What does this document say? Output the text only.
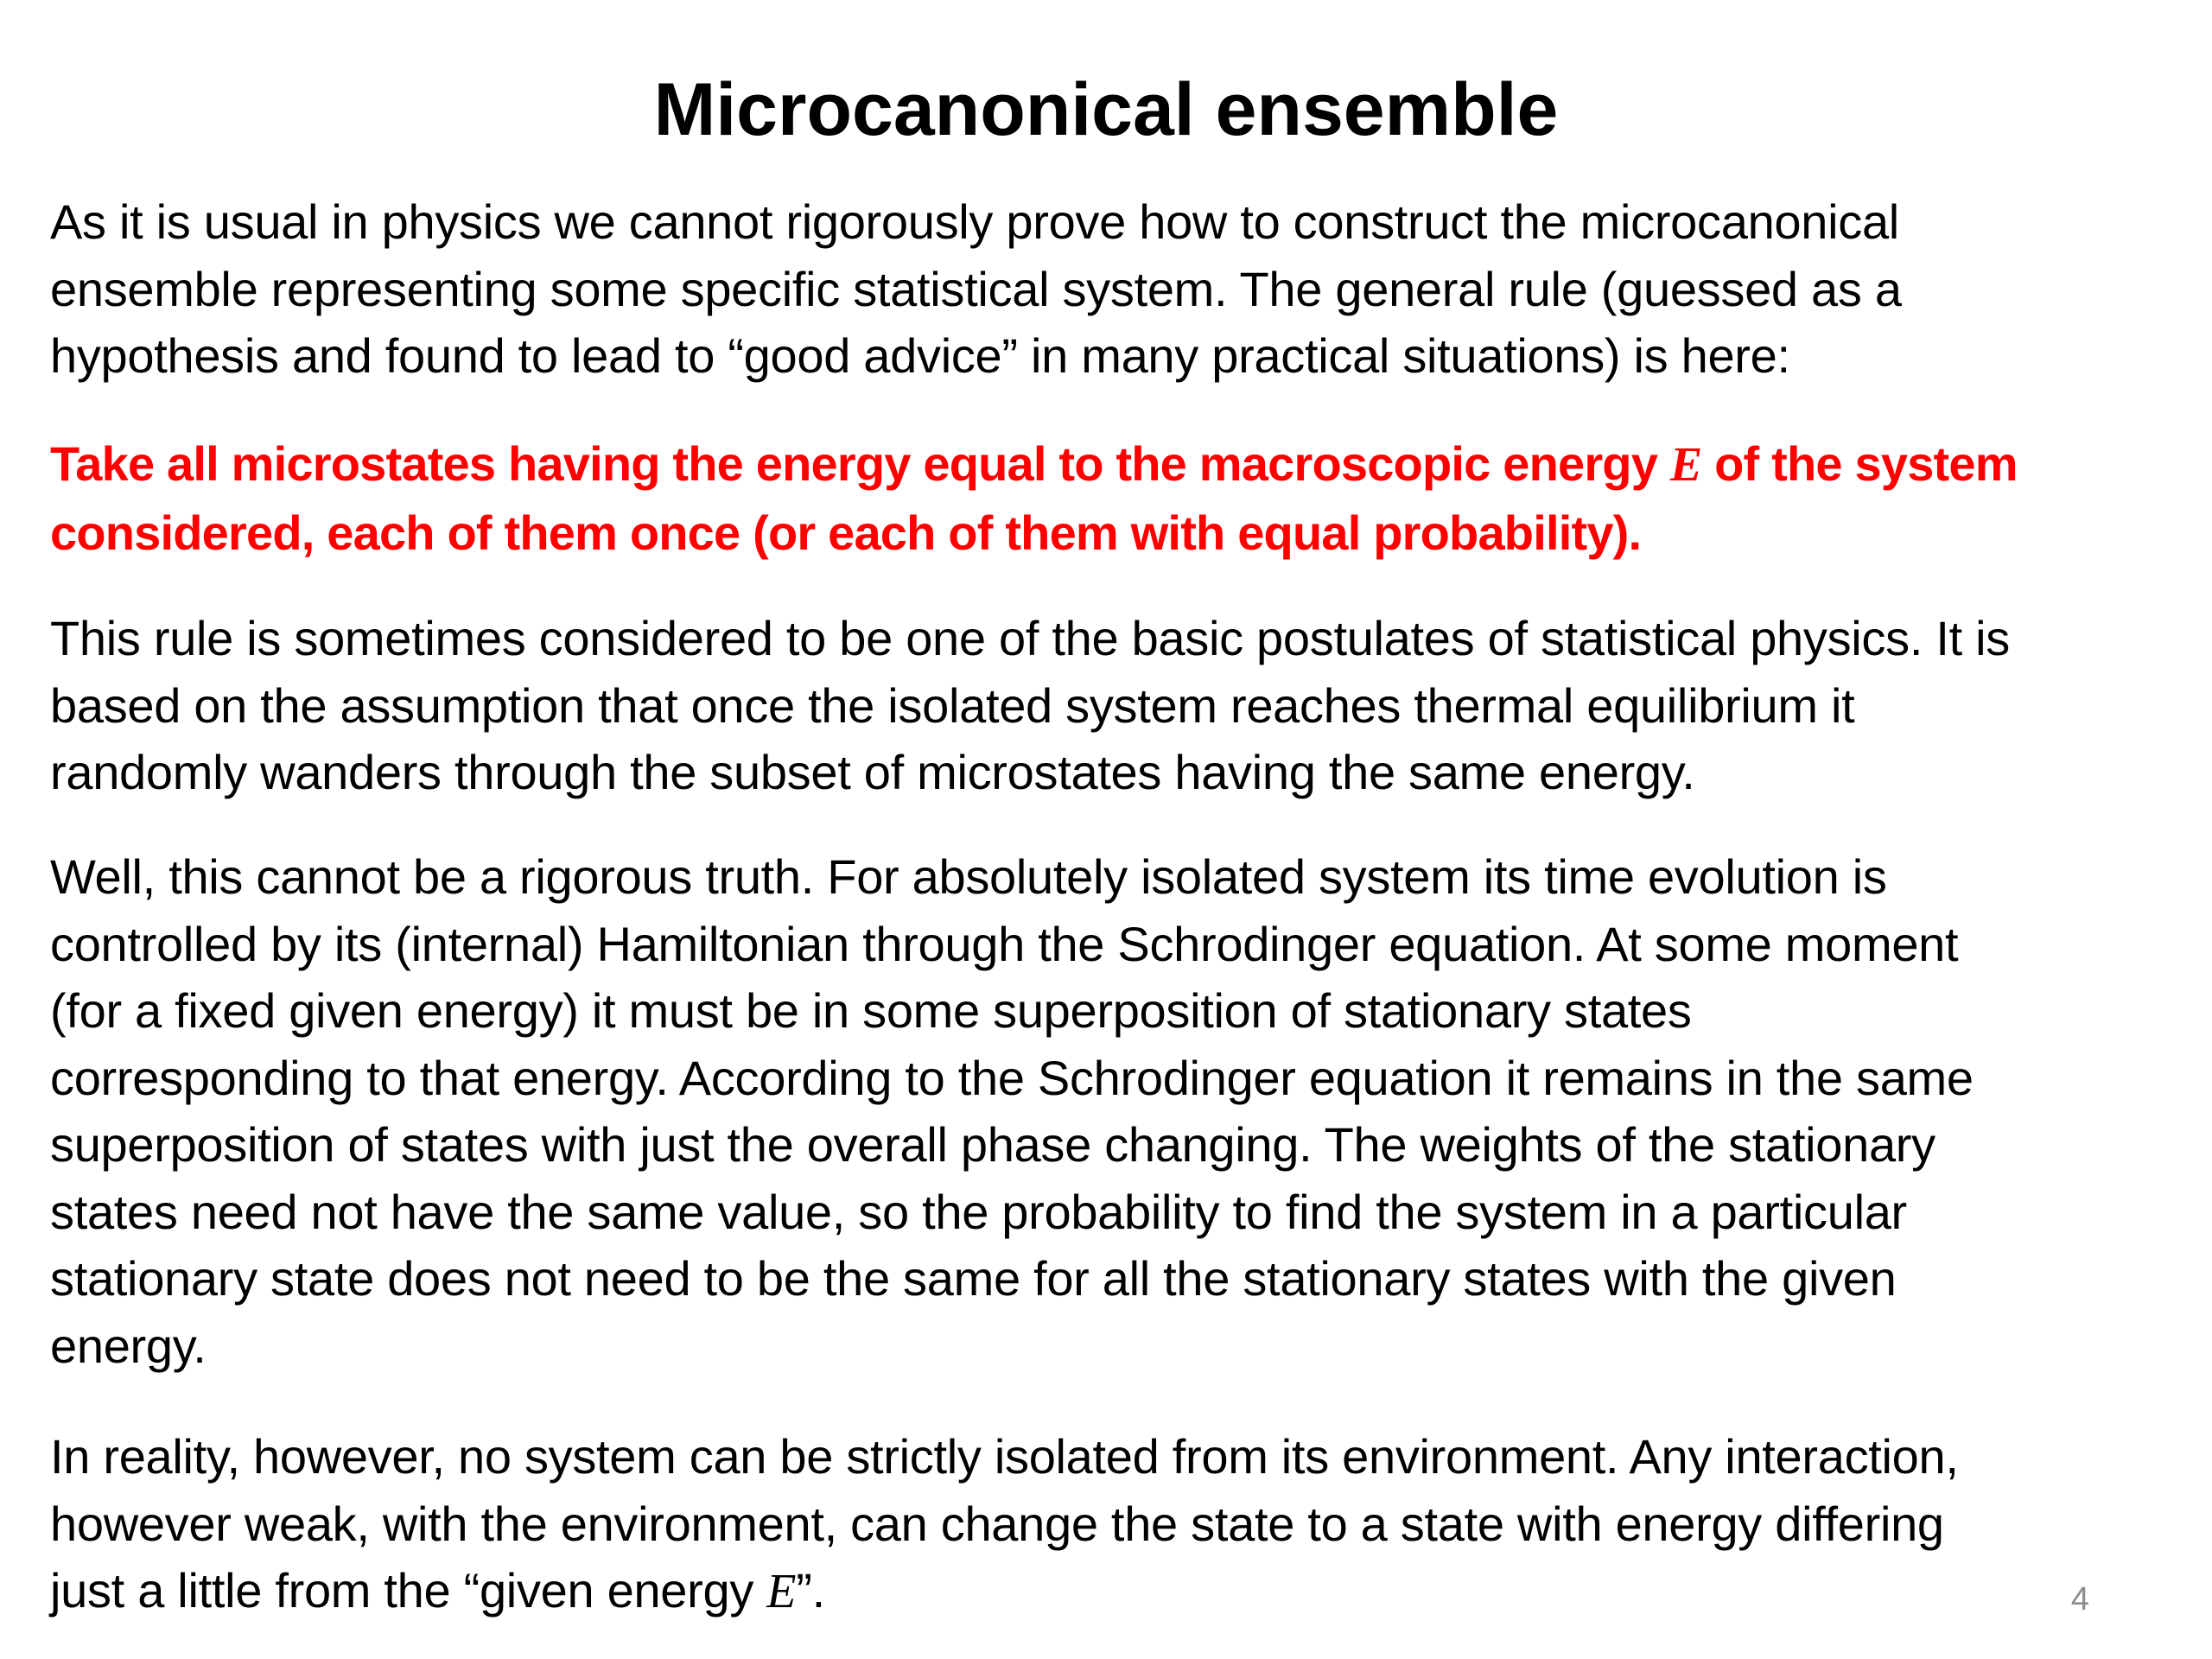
Microcanonical ensemble

As it is usual in physics we cannot rigorously prove how to construct the microcanonical
ensemble representing some specific statistical system. The general rule (guessed as a
hypothesis and found to lead to “good advice” in many practical situations) is here:

Take all microstates having the energy equal to the macroscopic energy E of the system
considered, each of them once (or each of them with equal probability).

This rule is sometimes considered to be one of the basic postulates of statistical physics. It is
based on the assumption that once the isolated system reaches thermal equilibrium it
randomly wanders through the subset of microstates having the same energy.

Well, this cannot be a rigorous truth. For absolutely isolated system its time evolution is
controlled by its (internal) Hamiltonian through the Schrodinger equation. At some moment
(for a fixed given energy) it must be in some superposition of stationary states
corresponding to that energy. According to the Schrodinger equation it remains in the same
superposition of states with just the overall phase changing. The weights of the stationary
states need not have the same value, so the probability to find the system in a particular
stationary state does not need to be the same for all the stationary states with the given
energy.

In reality, however, no system can be strictly isolated from its environment. Any interaction,
however weak, with the environment, can change the state to a state with energy differing
just a little from the “given energy E”.	4
